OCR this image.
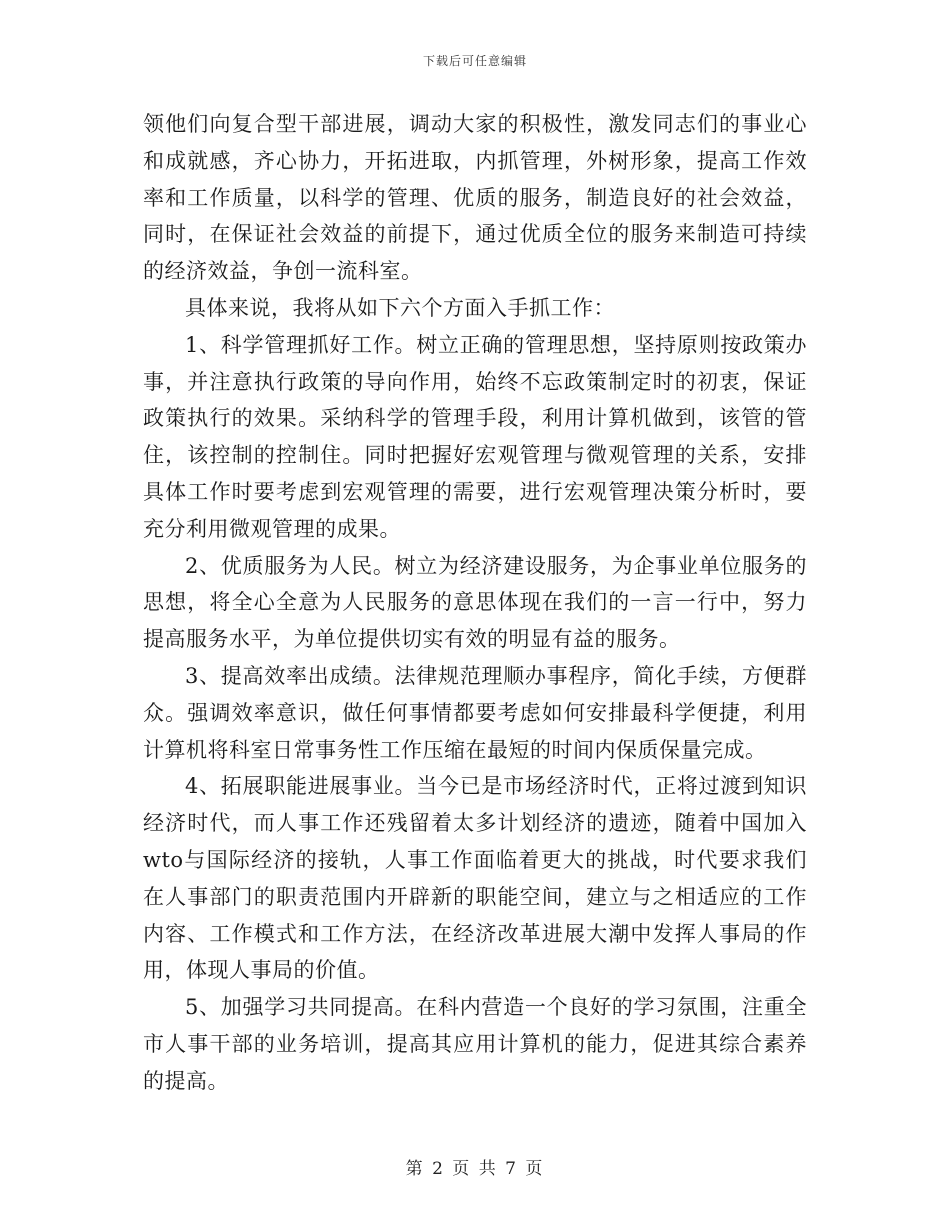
下载后可任意编辑

领他们向复合型干部进展，调动大家的积极性，激发同志们的事业心和成就感，齐心协力，开拓进取，内抓管理，外树形象，提高工作效率和工作质量，以科学的管理、优质的服务，制造良好的社会效益，同时，在保证社会效益的前提下，通过优质全位的服务来制造可持续的经济效益，争创一流科室。

具体来说，我将从如下六个方面入手抓工作：

1、科学管理抓好工作。树立正确的管理思想，坚持原则按政策办事，并注意执行政策的导向作用，始终不忘政策制定时的初衷，保证政策执行的效果。采纳科学的管理手段，利用计算机做到，该管的管住，该控制的控制住。同时把握好宏观管理与微观管理的关系，安排具体工作时要考虑到宏观管理的需要，进行宏观管理决策分析时，要充分利用微观管理的成果。

2、优质服务为人民。树立为经济建设服务，为企事业单位服务的思想，将全心全意为人民服务的意思体现在我们的一言一行中，努力提高服务水平，为单位提供切实有效的明显有益的服务。

3、提高效率出成绩。法律规范理顺办事程序，简化手续，方便群众。强调效率意识，做任何事情都要考虑如何安排最科学便捷，利用计算机将科室日常事务性工作压缩在最短的时间内保质保量完成。

4、拓展职能进展事业。当今已是市场经济时代，正将过渡到知识经济时代，而人事工作还残留着太多计划经济的遗迹，随着中国加入wto与国际经济的接轨，人事工作面临着更大的挑战，时代要求我们在人事部门的职责范围内开辟新的职能空间，建立与之相适应的工作内容、工作模式和工作方法，在经济改革进展大潮中发挥人事局的作用，体现人事局的价值。

5、加强学习共同提高。在科内营造一个良好的学习氛围，注重全市人事干部的业务培训，提高其应用计算机的能力，促进其综合素养的提高。

第 2 页 共 7 页
